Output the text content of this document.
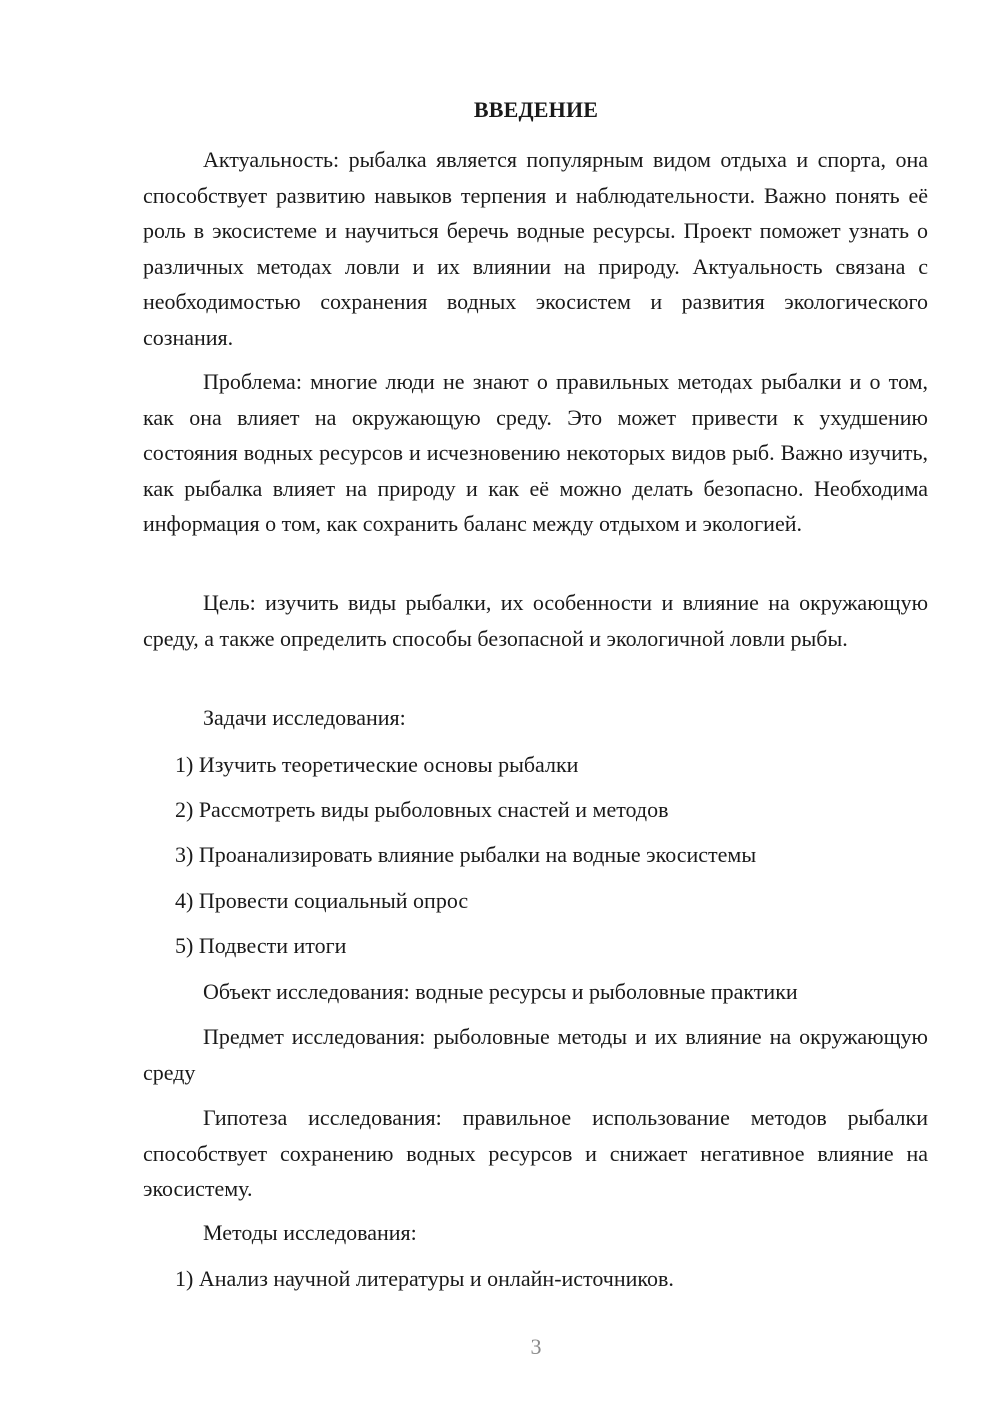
ВВЕДЕНИЕ

Актуальность: рыбалка является популярным видом отдыха и спорта, она способствует развитию навыков терпения и наблюдательности. Важно понять её роль в экосистеме и научиться беречь водные ресурсы. Проект поможет узнать о различных методах ловли и их влиянии на природу. Актуальность связана с необходимостью сохранения водных экосистем и развития экологического сознания.

Проблема: многие люди не знают о правильных методах рыбалки и о том, как она влияет на окружающую среду. Это может привести к ухудшению состояния водных ресурсов и исчезновению некоторых видов рыб. Важно изучить, как рыбалка влияет на природу и как её можно делать безопасно. Необходима информация о том, как сохранить баланс между отдыхом и экологией.

Цель: изучить виды рыбалки, их особенности и влияние на окружающую среду, а также определить способы безопасной и экологичной ловли рыбы.

Задачи исследования:

1) Изучить теоретические основы рыбалки

2) Рассмотреть виды рыболовных снастей и методов

3) Проанализировать влияние рыбалки на водные экосистемы

4) Провести социальный опрос

5) Подвести итоги

Объект исследования: водные ресурсы и рыболовные практики

Предмет исследования: рыболовные методы и их влияние на окружающую среду

Гипотеза исследования: правильное использование методов рыбалки способствует сохранению водных ресурсов и снижает негативное влияние на экосистему.

Методы исследования:

1) Анализ научной литературы и онлайн-источников.

3
